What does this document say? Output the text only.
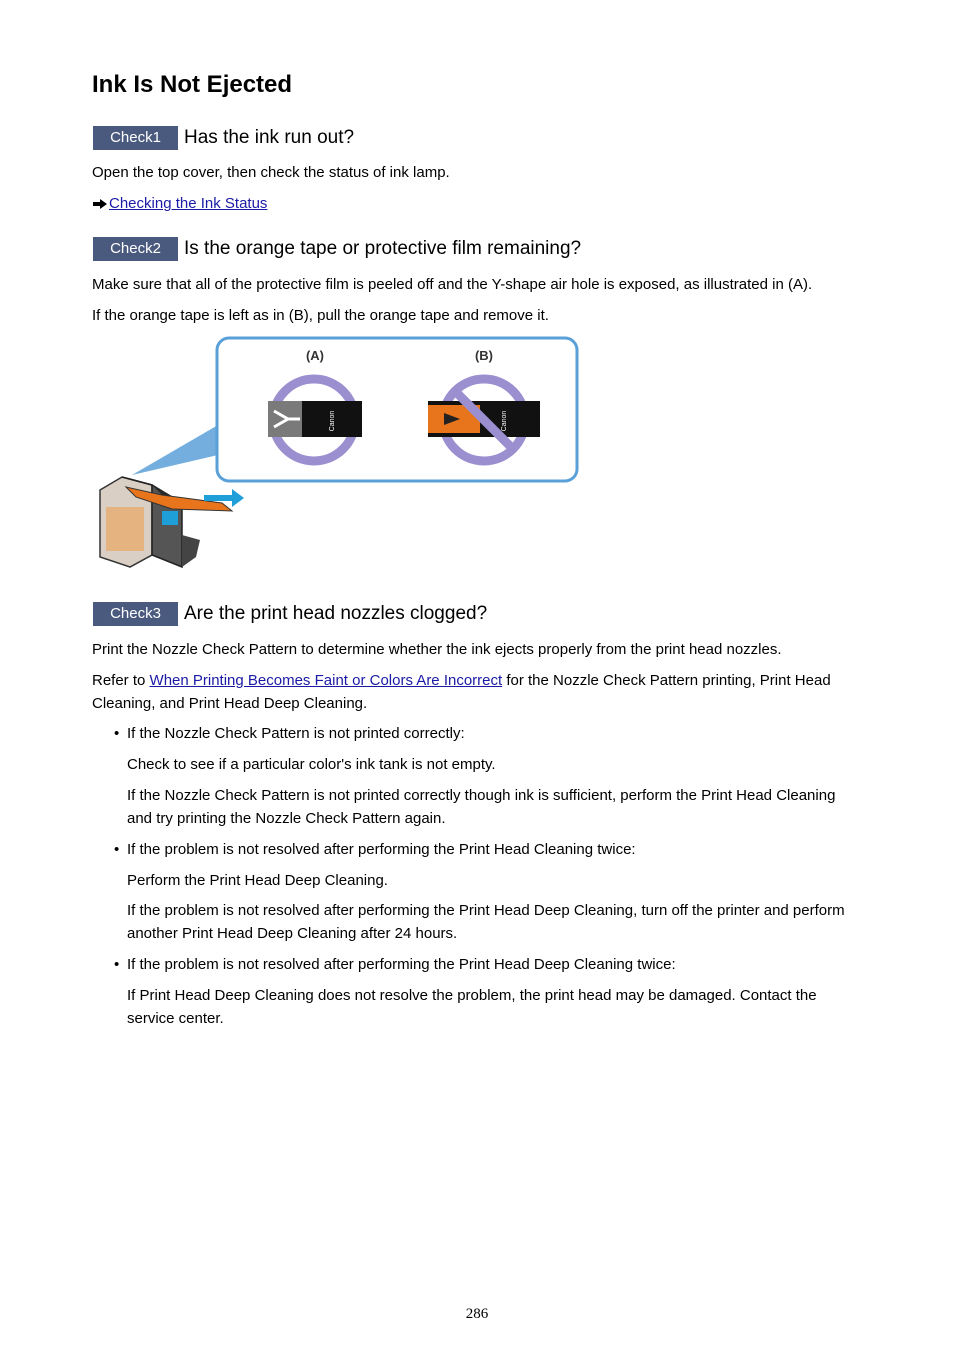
Ink Is Not Ejected
Check1	Has the ink run out?

Open the top cover, then check the status of ink lamp.

Checking the Ink Status
Check2	Is the orange tape or protective film remaining?

Make sure that all of the protective film is peeled off and the Y-shape air hole is exposed, as illustrated in (A).

If the orange tape is left as in (B), pull the orange tape and remove it.

(A)
Canon
(B)
Canon
Check3	Are the print head nozzles clogged?

Print the Nozzle Check Pattern to determine whether the ink ejects properly from the print head nozzles.

Refer to When Printing Becomes Faint or Colors Are Incorrect for the Nozzle Check Pattern printing, Print Head Cleaning, and Print Head Deep Cleaning.

• If the Nozzle Check Pattern is not printed correctly:

Check to see if a particular color's ink tank is not empty.

If the Nozzle Check Pattern is not printed correctly though ink is sufficient, perform the Print Head Cleaning and try printing the Nozzle Check Pattern again.

• If the problem is not resolved after performing the Print Head Cleaning twice:

Perform the Print Head Deep Cleaning.

If the problem is not resolved after performing the Print Head Deep Cleaning, turn off the printer and perform another Print Head Deep Cleaning after 24 hours.

• If the problem is not resolved after performing the Print Head Deep Cleaning twice:

If Print Head Deep Cleaning does not resolve the problem, the print head may be damaged. Contact the service center.

286
